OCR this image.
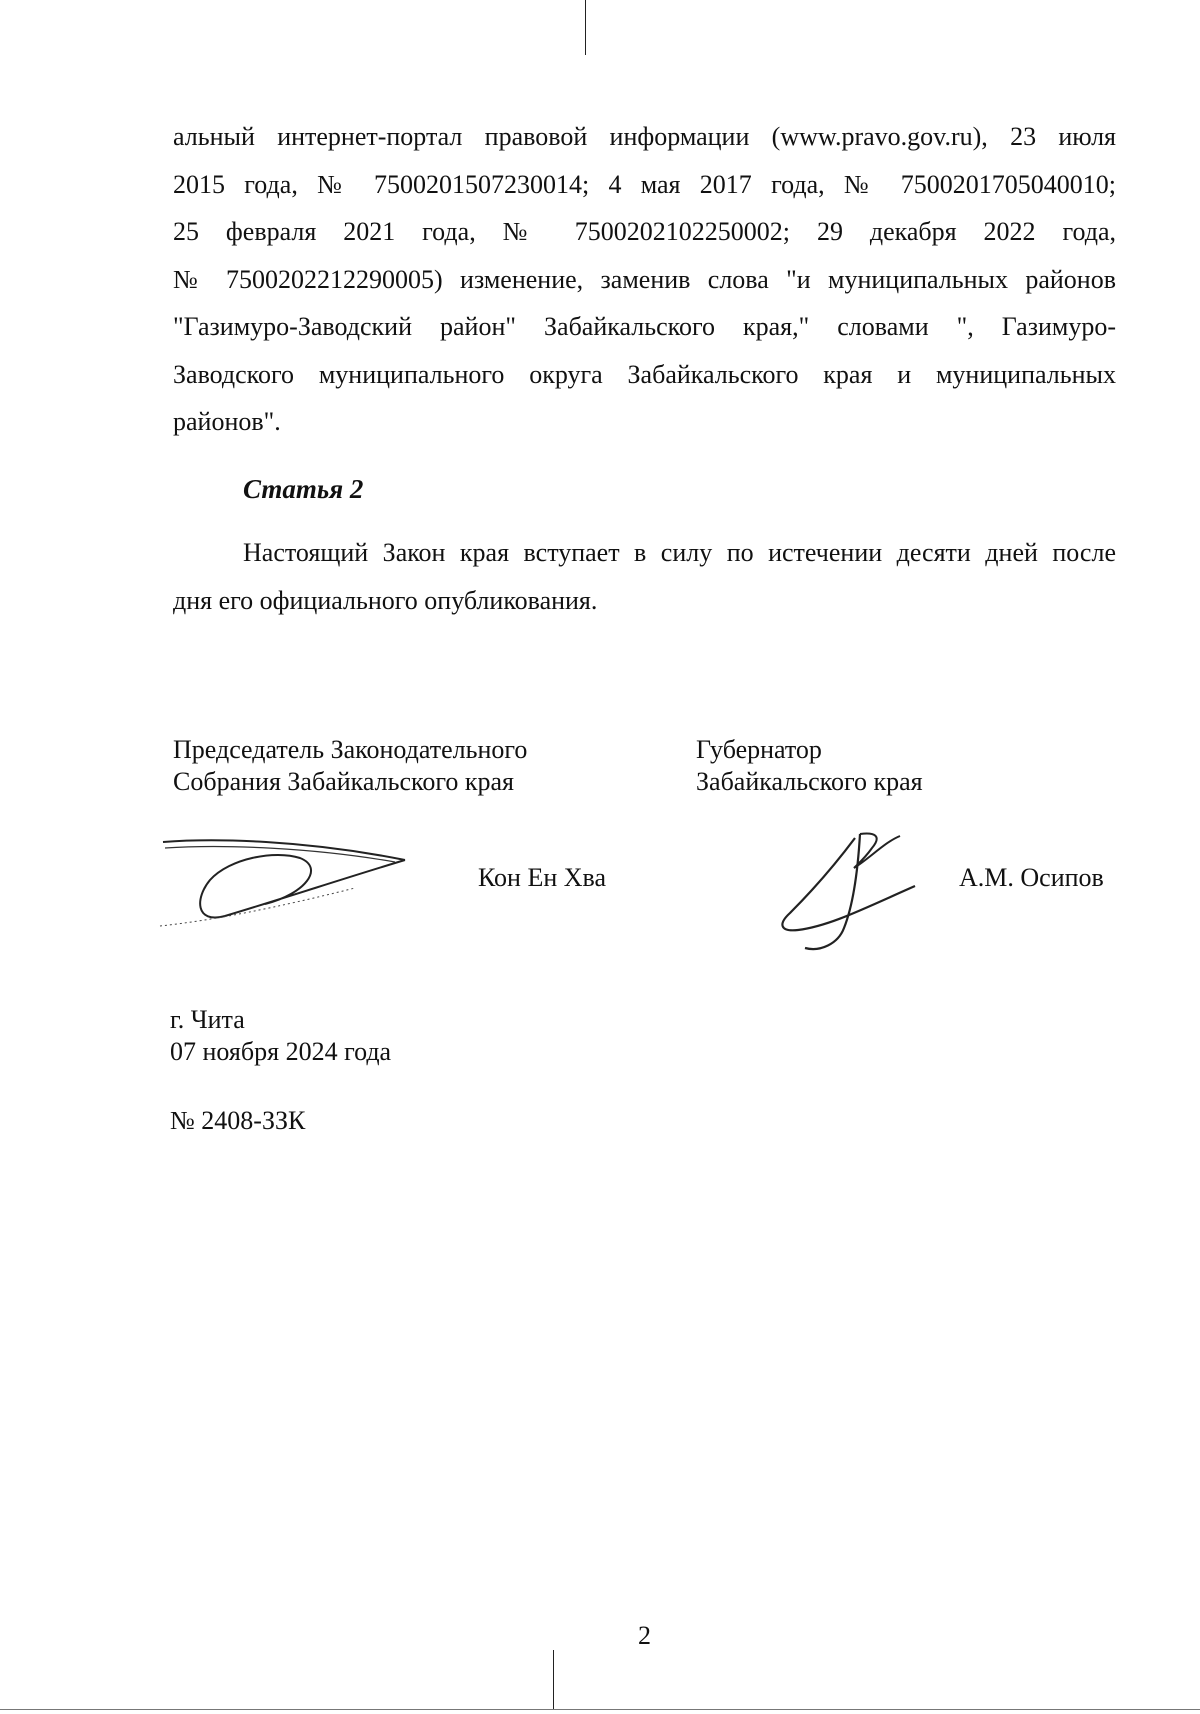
альный интернет-портал правовой информации (www.pravo.gov.ru), 23 июля
2015 года, № 7500201507230014; 4 мая 2017 года, № 7500201705040010;
25 февраля 2021 года, № 7500202102250002; 29 декабря 2022 года,
№ 7500202212290005) изменение, заменив слова "и муниципальных районов
"Газимуро-Заводский район" Забайкальского края," словами ", Газимуро-
Заводского муниципального округа Забайкальского края и муниципальных
районов".
Статья 2
Настоящий Закон края вступает в силу по истечении десяти дней после
дня его официального опубликования.
Председатель Законодательного
Собрания Забайкальского края
Губернатор
Забайкальского края
Кон Ен Хва	А.М. Осипов
г. Чита
07 ноября 2024 года
№ 2408-ЗЗК
2
